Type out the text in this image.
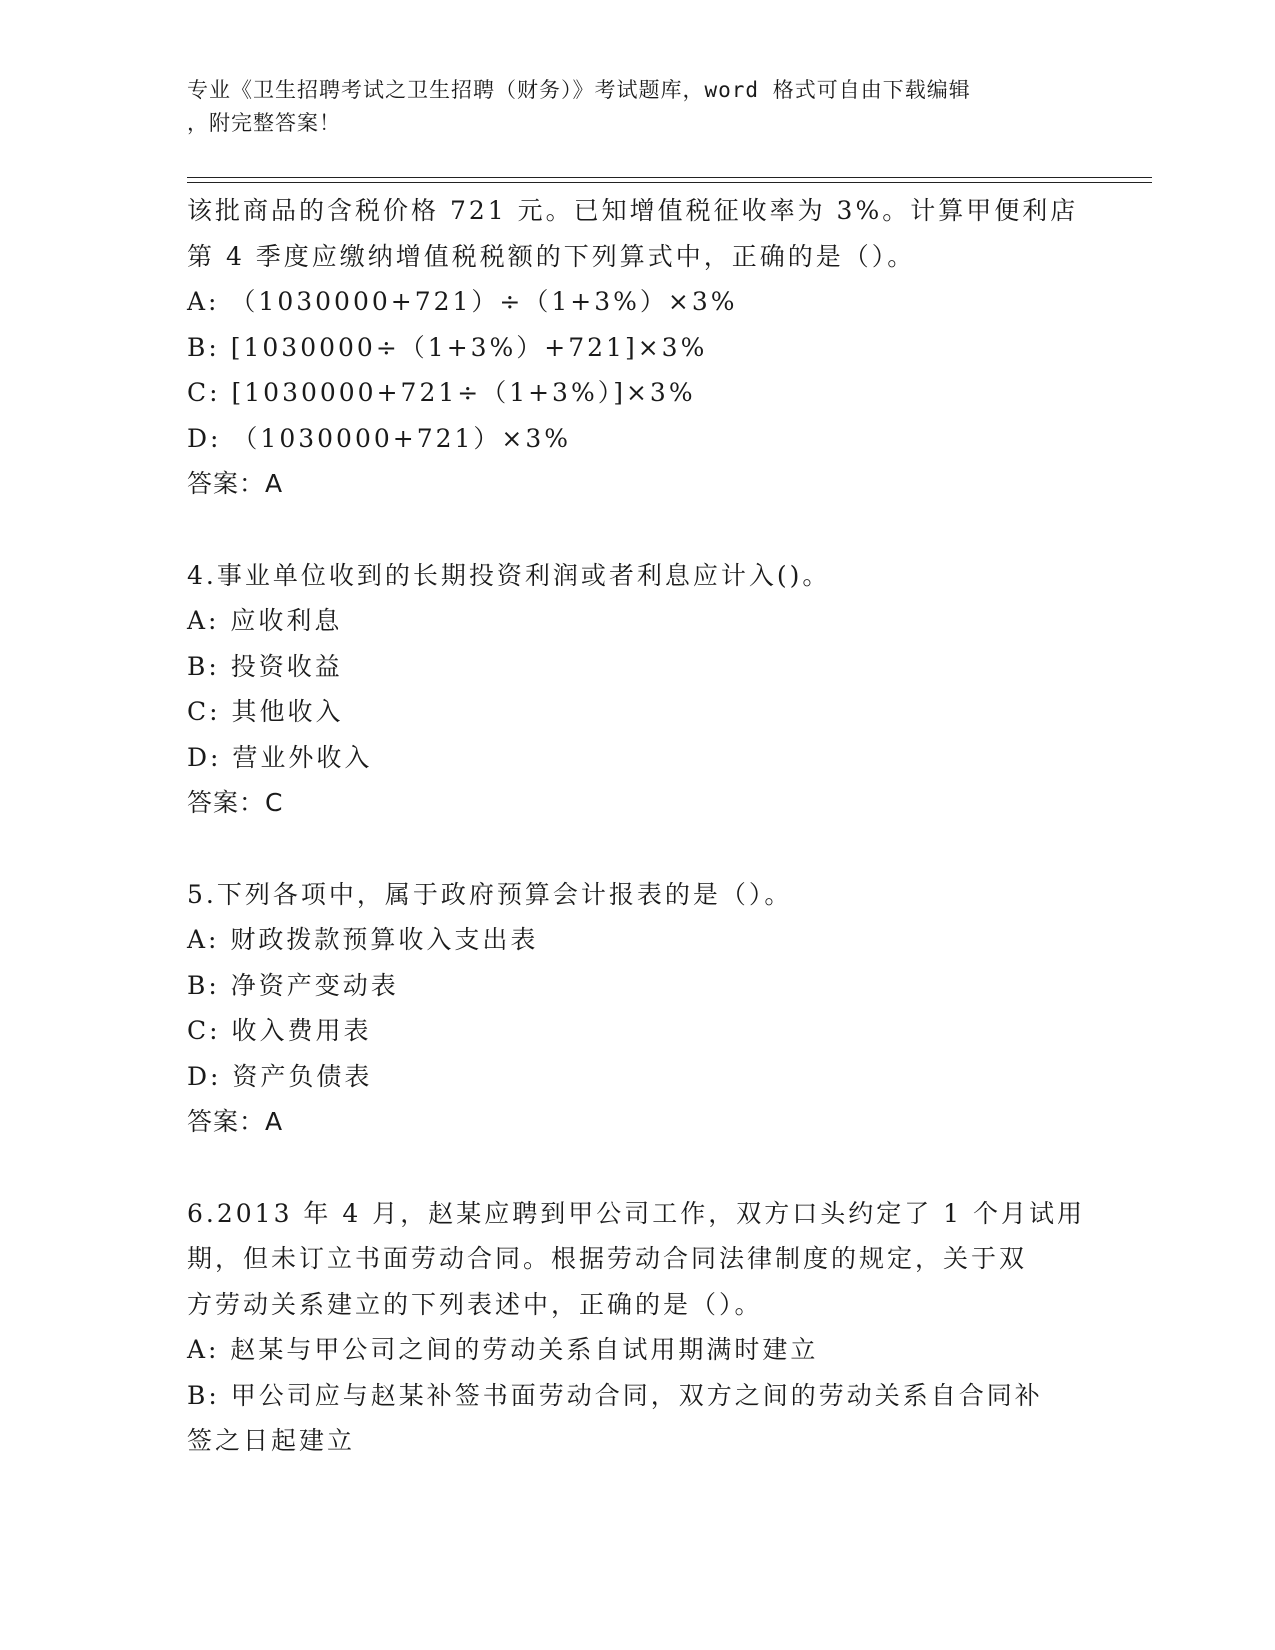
专业《卫生招聘考试之卫生招聘（财务）》考试题库，word 格式可自由下载编辑
，附完整答案！
该批商品的含税价格 721 元。已知增值税征收率为 3%。计算甲便利店
第 4 季度应缴纳增值税税额的下列算式中，正确的是（）。
A: （1030000+721）÷（1+3%）×3%
B: [1030000÷（1+3%）+721]×3%
C: [1030000+721÷（1+3%）]×3%
D: （1030000+721）×3%
答案：A
4.事业单位收到的长期投资利润或者利息应计入()。
A: 应收利息
B: 投资收益
C: 其他收入
D: 营业外收入
答案：C
5.下列各项中，属于政府预算会计报表的是（）。
A: 财政拨款预算收入支出表
B: 净资产变动表
C: 收入费用表
D: 资产负债表
答案：A
6.2013 年 4 月，赵某应聘到甲公司工作，双方口头约定了 1 个月试用
期，但未订立书面劳动合同。根据劳动合同法律制度的规定，关于双
方劳动关系建立的下列表述中，正确的是（）。
A: 赵某与甲公司之间的劳动关系自试用期满时建立
B: 甲公司应与赵某补签书面劳动合同，双方之间的劳动关系自合同补
签之日起建立
